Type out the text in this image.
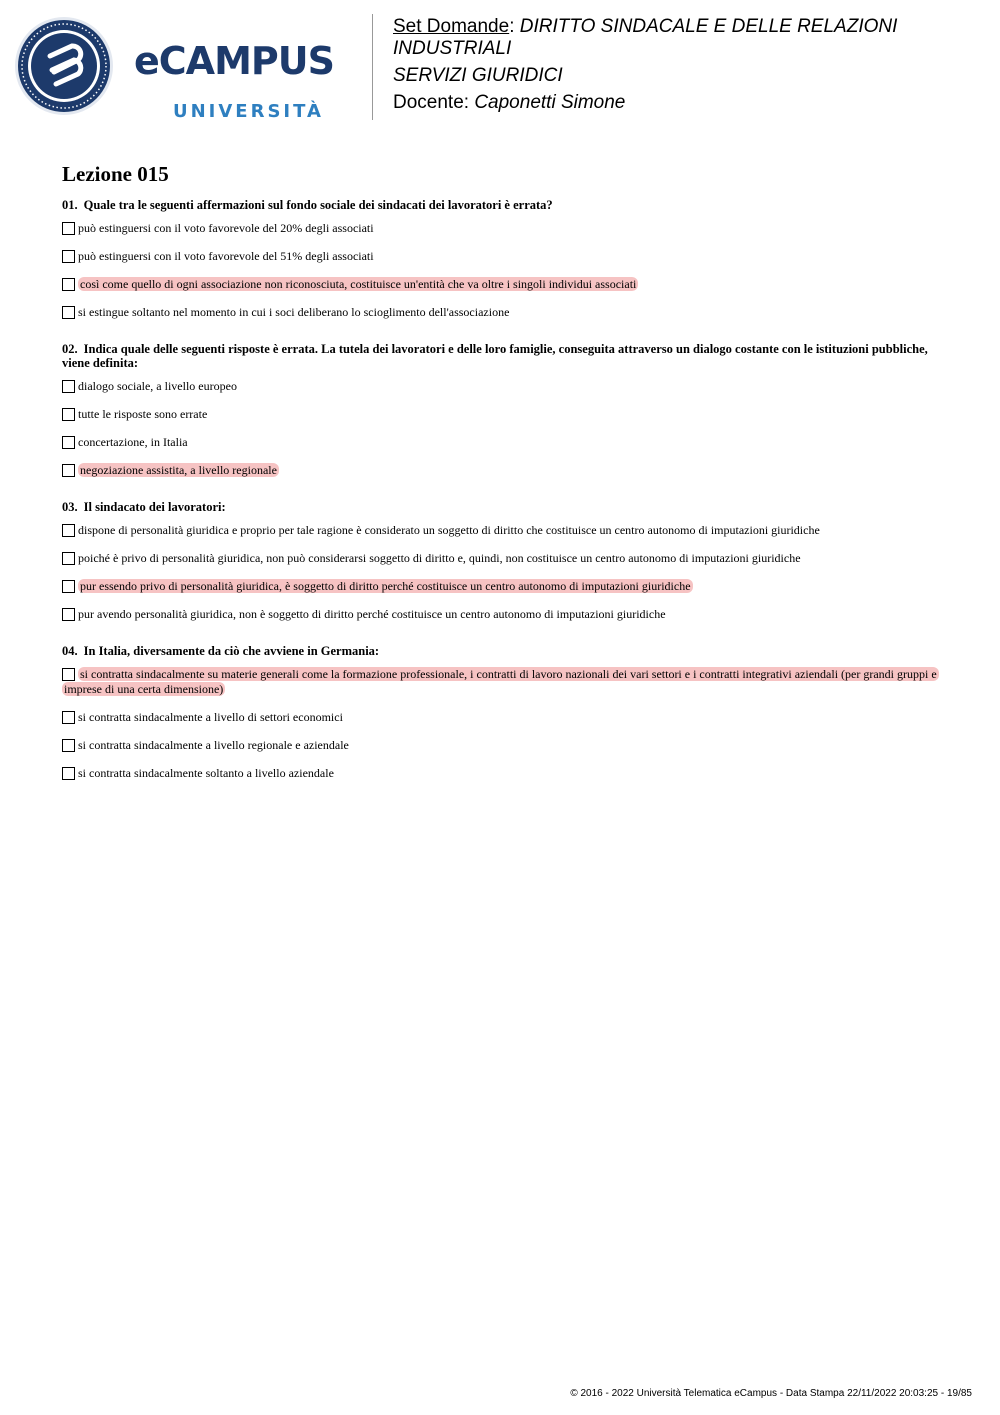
eCAMPUS
UNIVERSITÀ
Set Domande: DIRITTO SINDACALE E DELLE RELAZIONI INDUSTRIALI
SERVIZI GIURIDICI
Docente: Caponetti Simone
Lezione 015
01. Quale tra le seguenti affermazioni sul fondo sociale dei sindacati dei lavoratori è errata?
può estinguersi con il voto favorevole del 20% degli associati
può estinguersi con il voto favorevole del 51% degli associati
così come quello di ogni associazione non riconosciuta, costituisce un'entità che va oltre i singoli individui associati
si estingue soltanto nel momento in cui i soci deliberano lo scioglimento dell'associazione
02. Indica quale delle seguenti risposte è errata. La tutela dei lavoratori e delle loro famiglie, conseguita attraverso un dialogo costante con le istituzioni pubbliche, viene definita:
dialogo sociale, a livello europeo
tutte le risposte sono errate
concertazione, in Italia
negoziazione assistita, a livello regionale
03. Il sindacato dei lavoratori:
dispone di personalità giuridica e proprio per tale ragione è considerato un soggetto di diritto che costituisce un centro autonomo di imputazioni giuridiche
poiché è privo di personalità giuridica, non può considerarsi soggetto di diritto e, quindi, non costituisce un centro autonomo di imputazioni giuridiche
pur essendo privo di personalità giuridica, è soggetto di diritto perché costituisce un centro autonomo di imputazioni giuridiche
pur avendo personalità giuridica, non è soggetto di diritto perché costituisce un centro autonomo di imputazioni giuridiche
04. In Italia, diversamente da ciò che avviene in Germania:
si contratta sindacalmente su materie generali come la formazione professionale, i contratti di lavoro nazionali dei vari settori e i contratti integrativi aziendali (per grandi gruppi e imprese di una certa dimensione)
si contratta sindacalmente a livello di settori economici
si contratta sindacalmente a livello regionale e aziendale
si contratta sindacalmente soltanto a livello aziendale
© 2016 - 2022 Università Telematica eCampus - Data Stampa 22/11/2022 20:03:25 - 19/85
